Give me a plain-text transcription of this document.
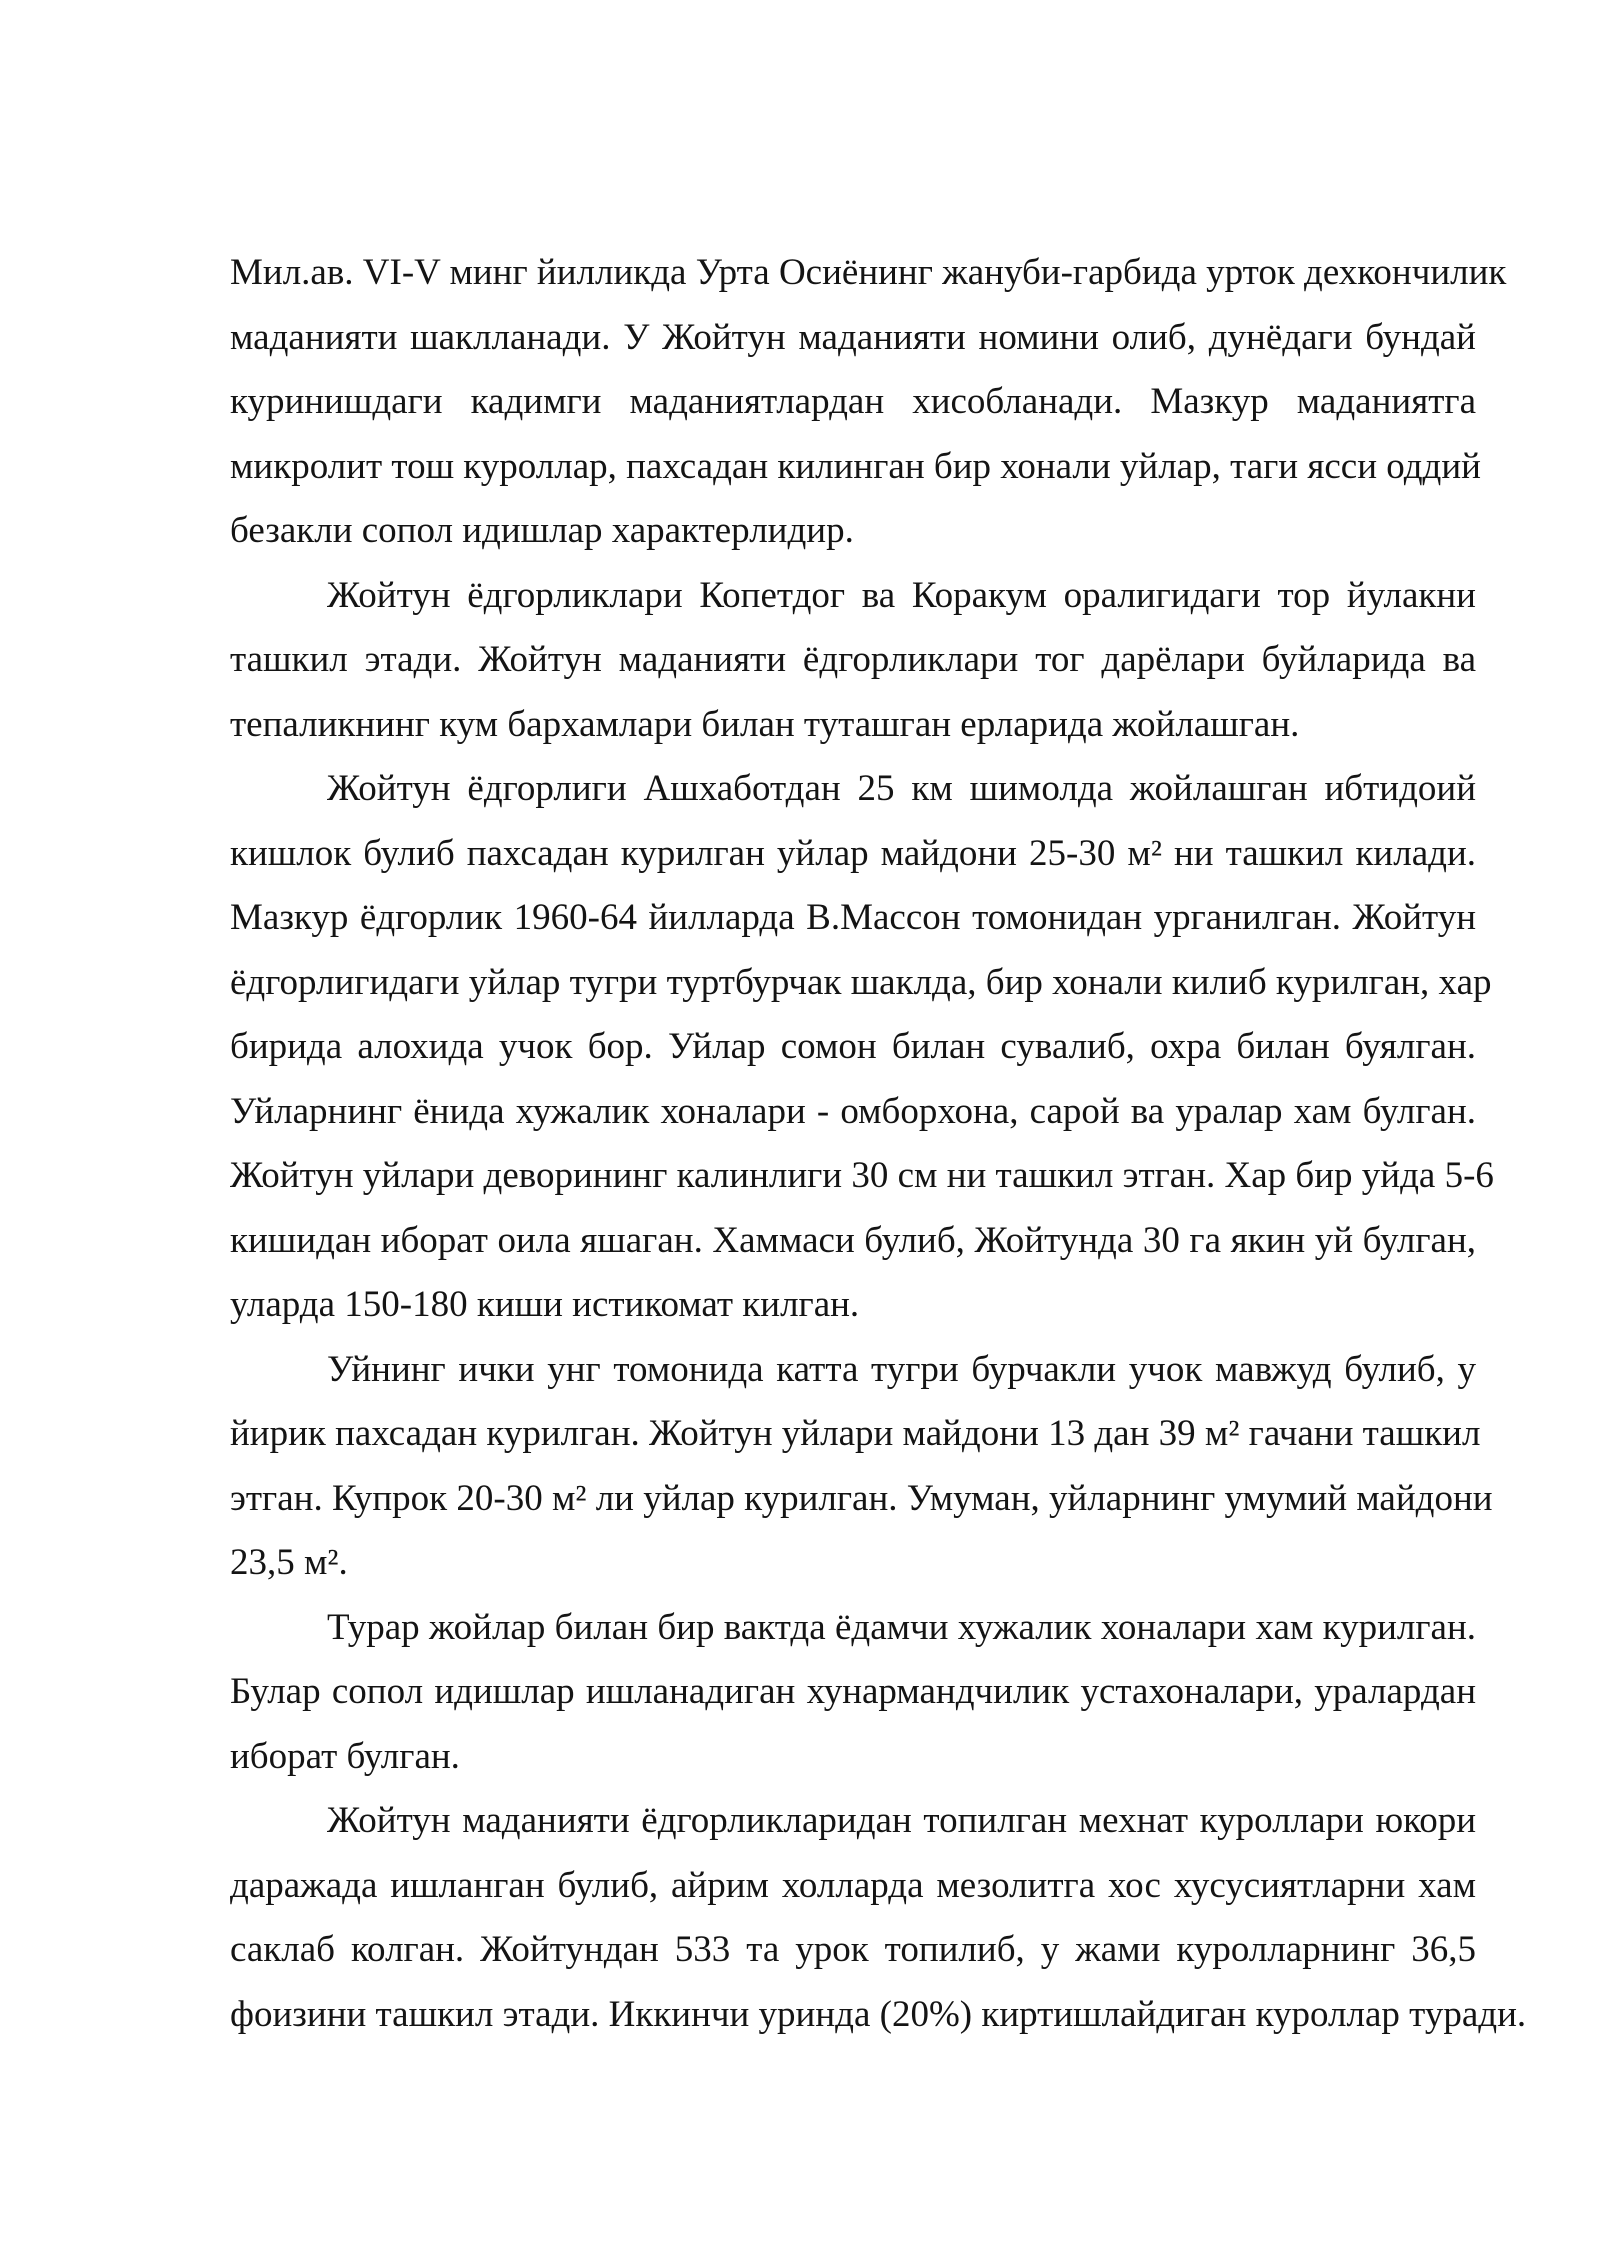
Мил.ав. VI-V минг йилликда Урта Осиёнинг жануби-гарбида урток дехкончилик
маданияти шаклланади. У Жойтун маданияти номини олиб, дунёдаги бундай
куринишдаги кадимги маданиятлардан хисобланади. Мазкур маданиятга
микролит тош куроллар, пахсадан килинган бир хонали уйлар, таги ясси оддий
безакли сопол идишлар характерлидир.
Жойтун ёдгорликлари Копетдог ва Коракум оралигидаги тор йулакни
ташкил этади. Жойтун маданияти ёдгорликлари тог дарёлари буйларида ва
тепаликнинг кум бархамлари билан туташган ерларида жойлашган.
Жойтун ёдгорлиги Ашхаботдан 25 км шимолда жойлашган ибтидоий
кишлок булиб пахсадан курилган уйлар майдони 25-30 м² ни ташкил килади.
Мазкур ёдгорлик 1960-64 йилларда В.Массон томонидан урганилган. Жойтун
ёдгорлигидаги уйлар тугри туртбурчак шаклда, бир хонали килиб курилган, хар
бирида алохида учок бор. Уйлар сомон билан сувалиб, охра билан буялган.
Уйларнинг ёнида хужалик хоналари - омборхона, сарой ва уралар хам булган.
Жойтун уйлари деворининг калинлиги 30 см ни ташкил этган. Хар бир уйда 5-6
кишидан иборат оила яшаган. Хаммаси булиб, Жойтунда 30 га якин уй булган,
уларда 150-180 киши истикомат килган.
Уйнинг ички унг томонида катта тугри бурчакли учок мавжуд булиб, у
йирик пахсадан курилган. Жойтун уйлари майдони 13 дан 39 м² гачани ташкил
этган. Купрок 20-30 м² ли уйлар курилган. Умуман, уйларнинг умумий майдони
23,5 м².
Турар жойлар билан бир вактда ёдамчи хужалик хоналари хам курилган.
Булар сопол идишлар ишланадиган хунармандчилик устахоналари, уралардан
иборат булган.
Жойтун маданияти ёдгорликларидан топилган мехнат куроллари юкори
даражада ишланган булиб, айрим холларда мезолитга хос хусусиятларни хам
саклаб колган. Жойтундан 533 та урок топилиб, у жами куролларнинг 36,5
фоизини ташкил этади. Иккинчи уринда (20%) киртишлайдиган куроллар туради.
